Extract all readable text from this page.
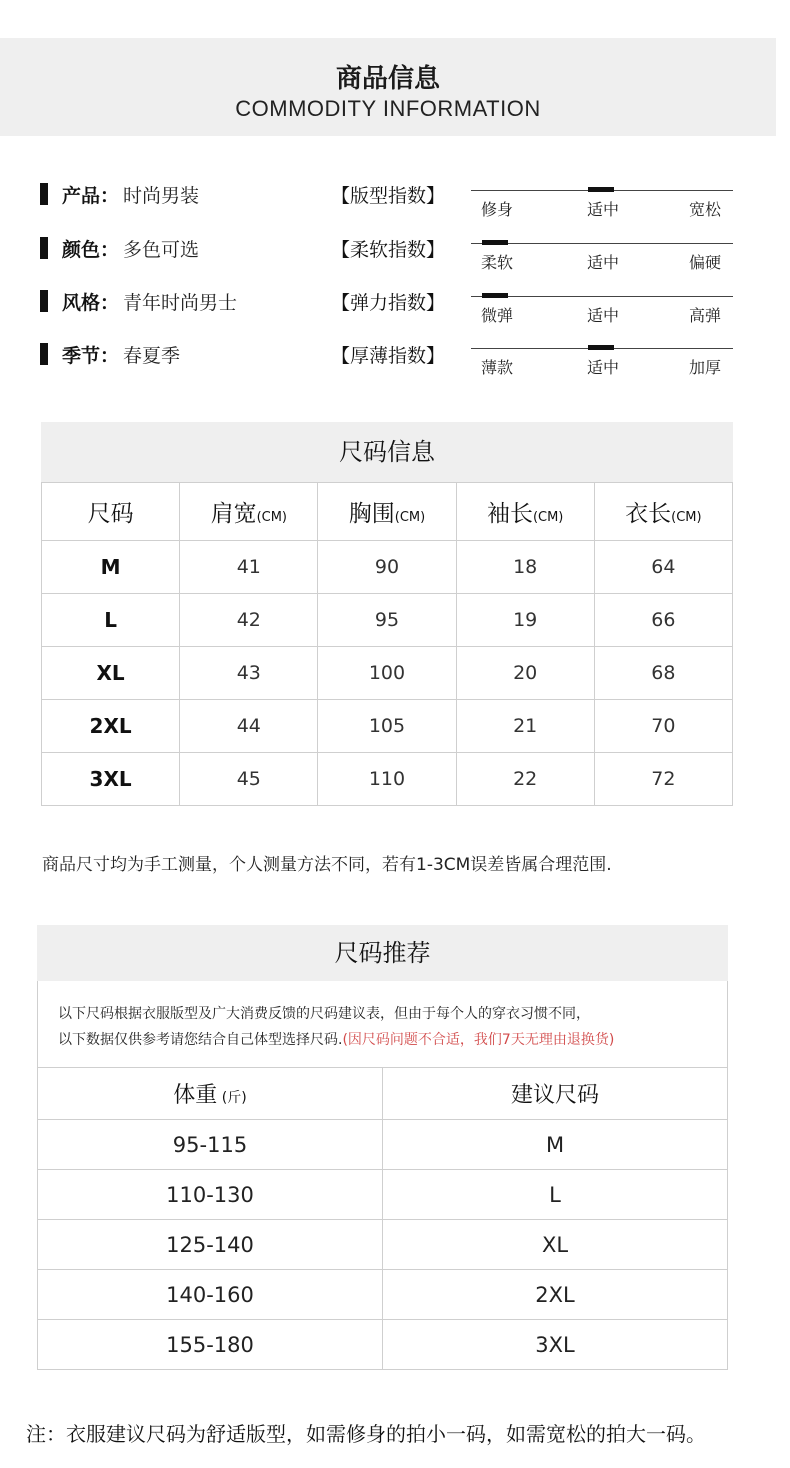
商品信息
COMMODITY INFORMATION
产品： 时尚男装
颜色： 多色可选
风格： 青年时尚男士
季节： 春夏季
【版型指数】
修身	适中	宽松
【柔软指数】
柔软	适中	偏硬
【弹力指数】
微弹	适中	高弹
【厚薄指数】
薄款	适中	加厚
尺码信息
尺码	肩宽(CM)	胸围(CM)	袖长(CM)	衣长(CM)
M	41	90	18	64
L	42	95	19	66
XL	43	100	20	68
2XL	44	105	21	70
3XL	45	110	22	72
商品尺寸均为手工测量，个人测量方法不同，若有1-3CM误差皆属合理范围.
尺码推荐
以下尺码根据衣服版型及广大消费反馈的尺码建议表，但由于每个人的穿衣习惯不同，
以下数据仅供参考请您结合自己体型选择尺码.(因尺码问题不合适，我们7天无理由退换货)
体重 (斤)	建议尺码
95-115	M
110-130	L
125-140	XL
140-160	2XL
155-180	3XL
注：衣服建议尺码为舒适版型，如需修身的拍小一码，如需宽松的拍大一码。
